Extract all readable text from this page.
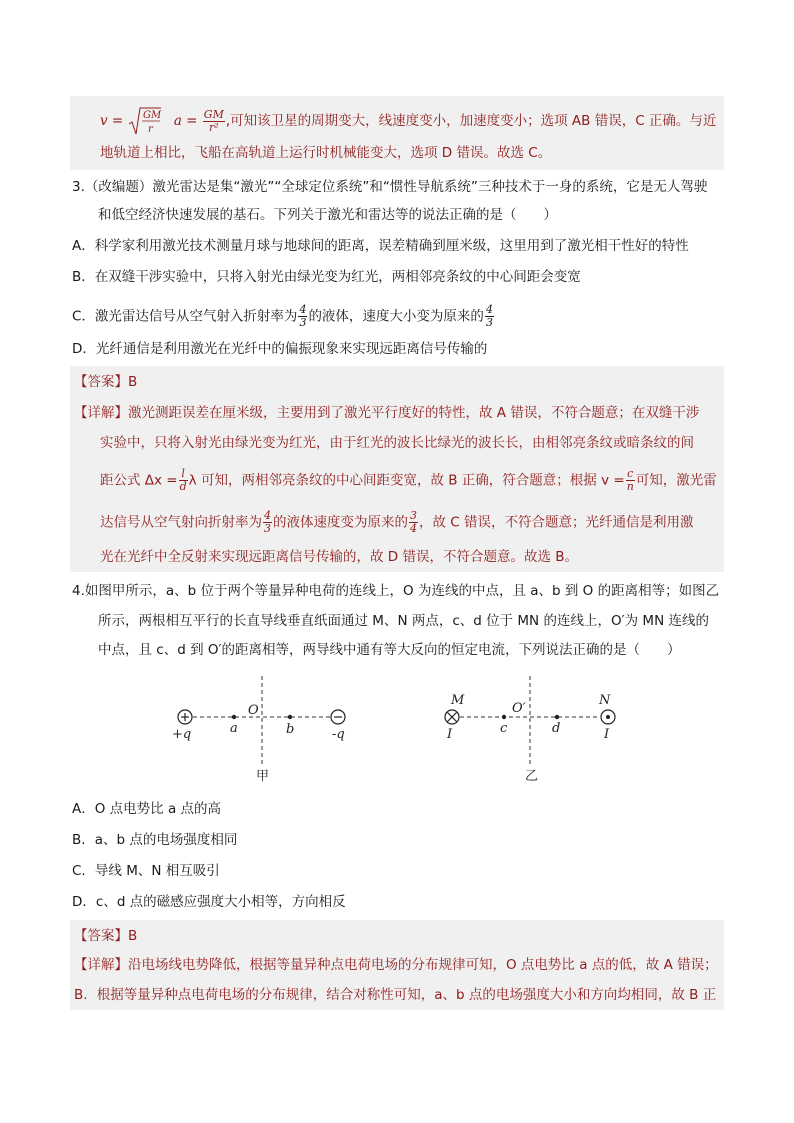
v = GM
r
$a = \frac{GM}{\text{r²}}$ ,可知该卫星的周期变大，线速度变小，加速度变小；选项 AB 错误，C 正确。与近
地轨道上相比，飞船在高轨道上运行时机械能变大，选项 D 错误。故选 C。
3.（改编题）激光雷达是集“激光”“全球定位系统”和“惯性导航系统”三种技术于一身的系统，它是无人驾驶
和低空经济快速发展的基石。下列关于激光和雷达等的说法正确的是（　　）
A．科学家利用激光技术测量月球与地球间的距离，误差精确到厘米级，这里用到了激光相干性好的特性
B．在双缝干涉实验中，只将入射光由绿光变为红光，两相邻亮条纹的中心间距会变宽
C．激光雷达信号从空气射入折射率为 $\frac{4}{3}$ 的液体，速度大小变为原来的 $\frac{4}{3}$
D．光纤通信是利用激光在光纤中的偏振现象来实现远距离信号传输的
【答案】B
【详解】激光测距误差在厘米级，主要用到了激光平行度好的特性，故 A 错误，不符合题意；在双缝干涉
实验中，只将入射光由绿光变为红光，由于红光的波长比绿光的波长长，由相邻亮条纹或暗条纹的间
距公式 $\Delta x = \frac{l}{d}$ λ 可知，两相邻亮条纹的中心间距变宽，故 B 正确，符合题意；根据 $v = \frac{c}{n}$ 可知，激光雷
达信号从空气射向折射率为 $\frac{4}{3}$ 的液体速度变为原来的 $\frac{3}{4}$ ，故 C 错误，不符合题意；光纤通信是利用激
光在光纤中全反射来实现远距离信号传输的，故 D 错误，不符合题意。故选 B。
4.如图甲所示，a、b 位于两个等量异种电荷的连线上，O 为连线的中点，且 a、b 到 O 的距离相等；如图乙
所示，两根相互平行的长直导线垂直纸面通过 M、N 两点，c、d 位于 MN 的连线上，O′为 MN 连线的
中点，且 c、d 到 O′的距离相等，两导线中通有等大反向的恒定电流，下列说法正确的是（　　）
+q	-q
a
O
b
甲
M	N
O′
c	d
I	I
乙
A．O 点电势比 a 点的高
B．a、b 点的电场强度相同
C．导线 M、N 相互吸引
D．c、d 点的磁感应强度大小相等，方向相反
【答案】B
【详解】沿电场线电势降低，根据等量异种点电荷电场的分布规律可知，O 点电势比 a 点的低，故 A 错误；
B．根据等量异种点电荷电场的分布规律，结合对称性可知，a、b 点的电场强度大小和方向均相同，故 B 正
